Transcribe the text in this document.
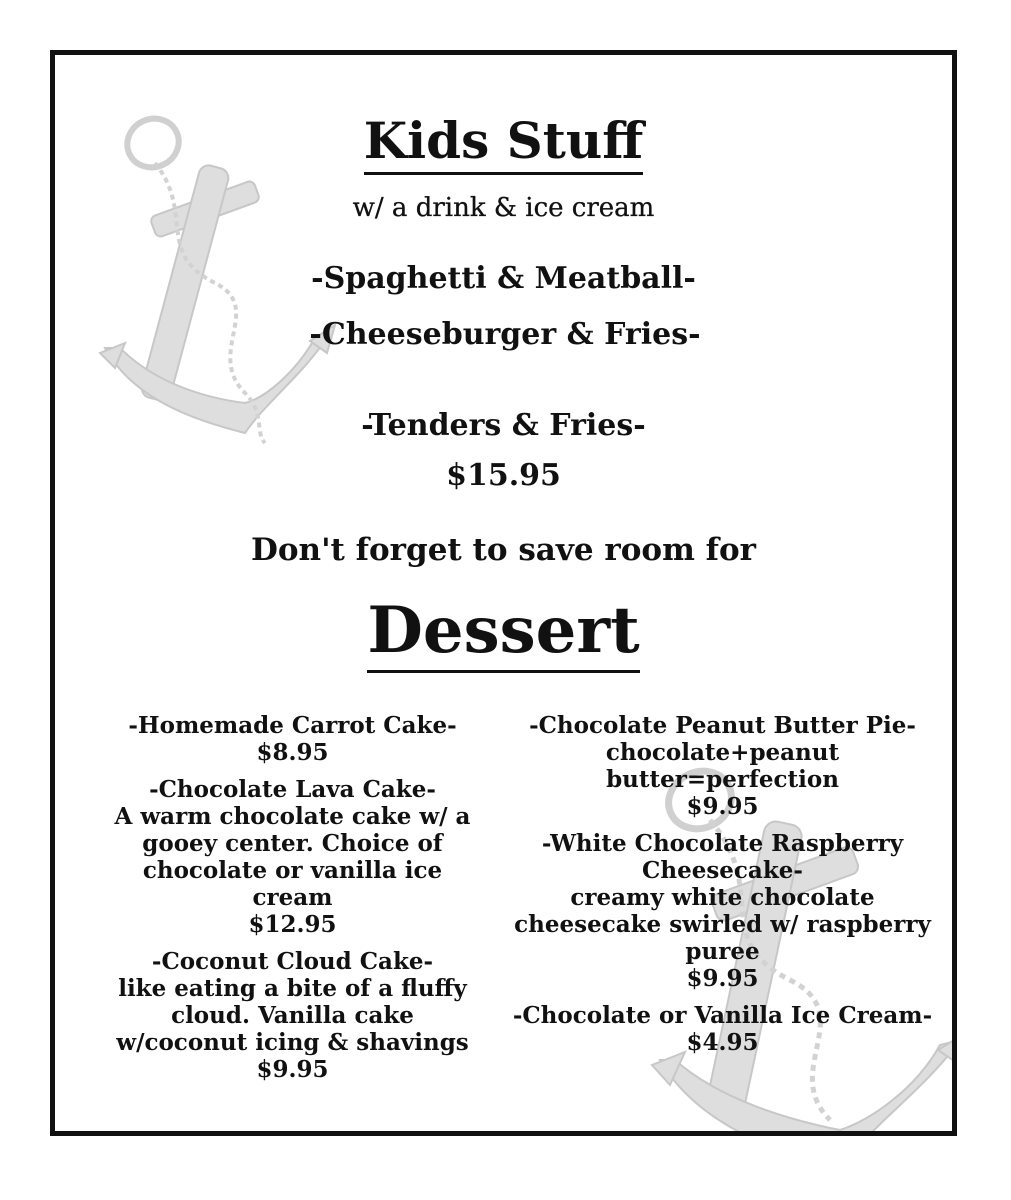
Kids Stuff
w/ a drink & ice cream
-Spaghetti & Meatball-
-Cheeseburger & Fries-
-Tenders & Fries-
$15.95
Don't forget to save room for
Dessert
-Homemade Carrot Cake-
$8.95
-Chocolate Lava Cake-
A warm chocolate cake w/ a gooey center. Choice of chocolate or vanilla ice cream
$12.95
-Coconut Cloud Cake-
like eating a bite of a fluffy cloud. Vanilla cake w/coconut icing & shavings
$9.95
-Chocolate Peanut Butter Pie-
chocolate+peanut butter=perfection
$9.95
-White Chocolate Raspberry Cheesecake-
creamy white chocolate cheesecake swirled w/ raspberry puree
$9.95
-Chocolate or Vanilla Ice Cream-
$4.95
